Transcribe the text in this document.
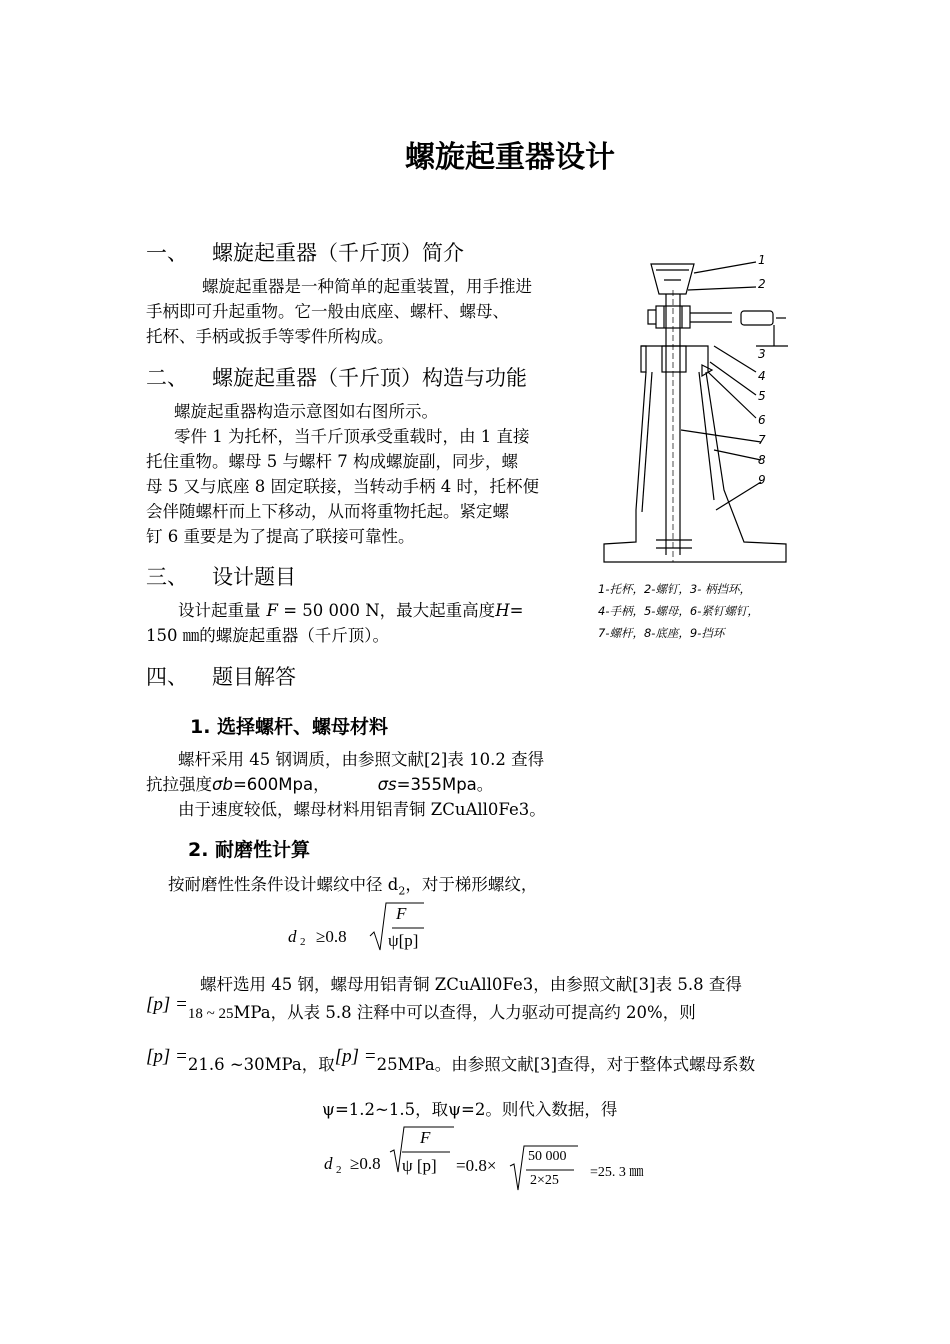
螺旋起重器设计
一、 螺旋起重器（千斤顶）简介
螺旋起重器是一种简单的起重装置，用手推进
手柄即可升起重物。它一般由底座、螺杆、螺母、
托杯、手柄或扳手等零件所构成。
二、 螺旋起重器（千斤顶）构造与功能
螺旋起重器构造示意图如右图所示。
零件 1 为托杯，当千斤顶承受重载时，由 1 直接
托住重物。螺母 5 与螺杆 7 构成螺旋副，同步，螺
母 5 又与底座 8 固定联接，当转动手柄 4 时，托杯便
会伴随螺杆而上下移动，从而将重物托起。紧定螺
钉 6 重要是为了提高了联接可靠性。
三、 设计题目
设计起重量 F = 50 000 N，最大起重高度H=
150 ㎜的螺旋起重器（千斤顶）。
四、 题目解答
1. 选择螺杆、螺母材料
螺杆采用 45 钢调质，由参照文献[2]表 10.2 查得
抗拉强度σb=600Mpa，	σs=355Mpa。
由于速度较低，螺母材料用铝青铜 ZCuAll0Fe3。
2. 耐磨性计算
按耐磨性性条件设计螺纹中径 $d_2$，对于梯形螺纹，
d 2 ≥0.8
F
ψ[p]
螺杆选用 45 钢，螺母用铝青铜 ZCuAll0Fe3，由参照文献[3]表 5.8 查得
[p] =18 ~ 25MPa，从表 5.8 注释中可以查得，人力驱动可提高约 20%，则
[p] =21.6 ~30MPa，取[p] =25MPa。由参照文献[3]查得，对于整体式螺母系数
ψ=1.2~1.5，取ψ=2。则代入数据，得
d 2 ≥0.8
F
ψ [p] =0.8× 50 000
2×25
=25. 3 ㎜
1
2
3
4
5
6
7
8
9
1-托杯，2-螺钉，3- 柄挡环，
4-手柄，5-螺母，6-紧钉螺钉，
7-螺杆，8-底座，9-挡环
